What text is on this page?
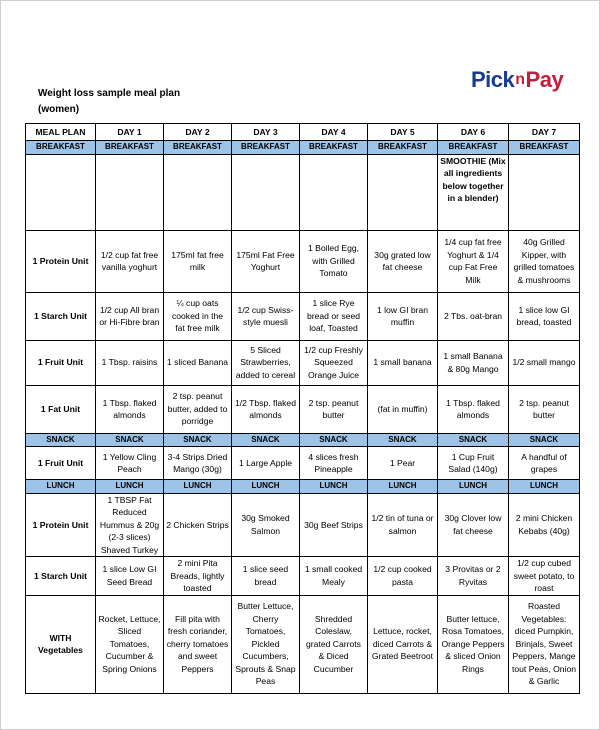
Weight loss sample meal plan
(women)
Pick n Pay
MEAL PLAN	DAY 1	DAY 2	DAY 3	DAY 4	DAY 5	DAY 6	DAY 7
BREAKFAST	BREAKFAST	BREAKFAST	BREAKFAST	BREAKFAST	BREAKFAST	BREAKFAST	BREAKFAST
						SMOOTHIE (Mix all ingredients below together in a blender)	
1 Protein Unit	1/2 cup fat free vanilla yoghurt	175ml fat free milk	175ml Fat Free Yoghurt	1 Boiled Egg, with Grilled Tomato	30g grated low fat cheese	1/4 cup fat free Yoghurt & 1/4 cup Fat Free Milk	40g Grilled Kipper, with grilled tomatoes & mushrooms
1 Starch Unit	1/2 cup All bran or Hi-Fibre bran	¼ cup oats cooked in the fat free milk	1/2 cup Swiss-style muesli	1 slice Rye bread or seed loaf, Toasted	1 low GI bran muffin	2 Tbs. oat-bran	1 slice low GI bread, toasted
1 Fruit Unit	1 Tbsp. raisins	1 sliced Banana	5 Sliced Strawberries, added to cereal	1/2 cup Freshly Squeezed Orange Juice	1 small banana	1 small Banana & 80g Mango	1/2 small mango
1 Fat Unit	1 Tbsp. flaked almonds	2 tsp. peanut butter, added to porridge	1/2 Tbsp. flaked almonds	2 tsp. peanut butter	(fat in muffin)	1 Tbsp. flaked almonds	2 tsp. peanut butter
SNACK	SNACK	SNACK	SNACK	SNACK	SNACK	SNACK	SNACK
1 Fruit Unit	1 Yellow Cling Peach	3-4 Strips Dried Mango (30g)	1 Large Apple	4 slices fresh Pineapple	1 Pear	1 Cup Fruit Salad (140g)	A handful of grapes
LUNCH	LUNCH	LUNCH	LUNCH	LUNCH	LUNCH	LUNCH	LUNCH
1 Protein Unit	1 TBSP Fat Reduced Hummus & 20g (2-3 slices) Shaved Turkey	2 Chicken Strips	30g Smoked Salmon	30g Beef Strips	1/2 tin of tuna or salmon	30g Clover low fat cheese	2 mini Chicken Kebabs (40g)
1 Starch Unit	1 slice Low GI Seed Bread	2 mini Pita Breads, lightly toasted	1 slice seed bread	1 small cooked Mealy	1/2 cup cooked pasta	3 Provitas or 2 Ryvitas	1/2 cup cubed sweet potato, to roast
WITH Vegetables	Rocket, Lettuce, Sliced Tomatoes, Cucumber & Spring Onions	Fill pita with fresh coriander, cherry tomatoes and sweet Peppers	Butter Lettuce, Cherry Tomatoes, Pickled Cucumbers, Sprouts & Snap Peas	Shredded Coleslaw, grated Carrots & Diced Cucumber	Lettuce, rocket, diced Carrots & Grated Beetroot	Butter lettuce, Rosa Tomatoes, Orange Peppers & sliced Onion Rings	Roasted Vegetables: diced Pumpkin, Brinjals, Sweet Peppers, Mange tout Peas, Onion & Garlic
